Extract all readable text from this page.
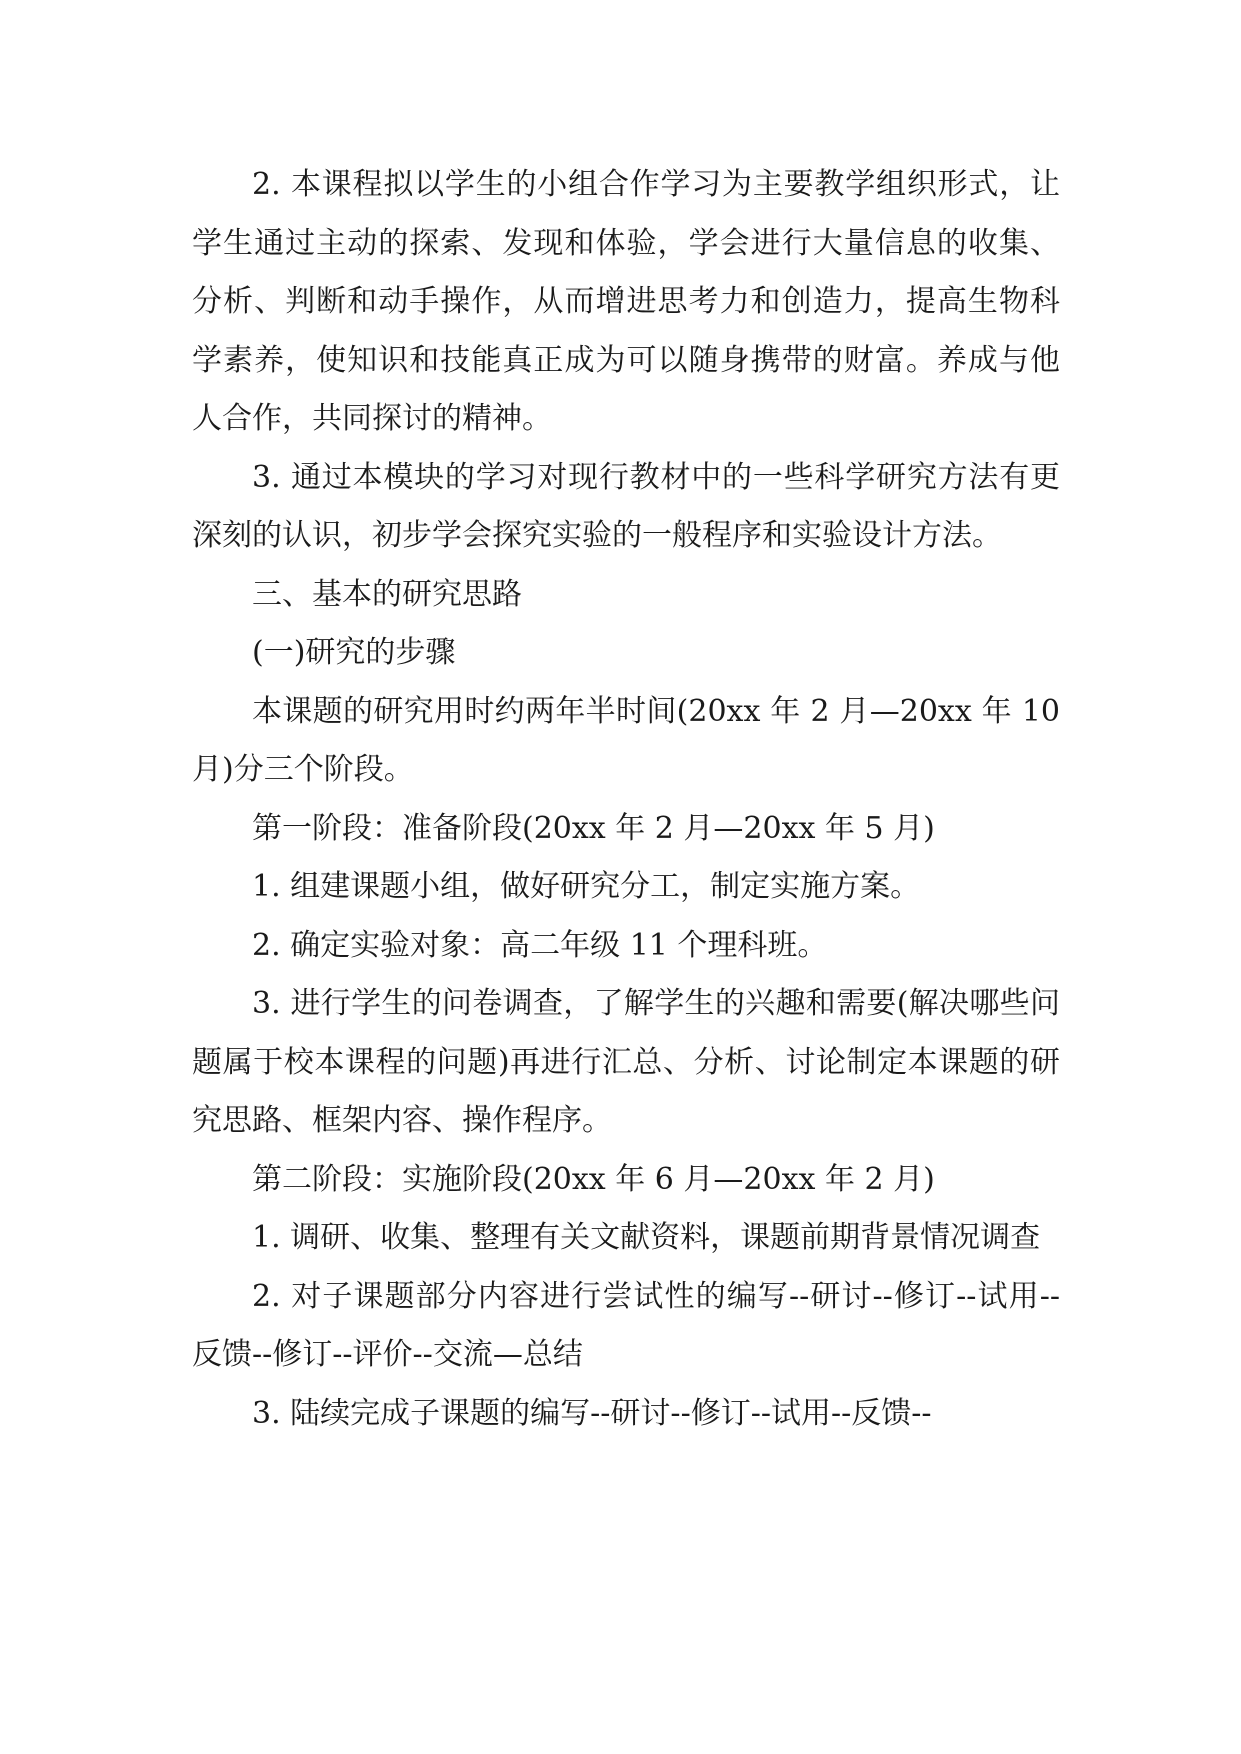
2. 本课程拟以学生的小组合作学习为主要教学组织形式，让学生通过主动的探索、发现和体验，学会进行大量信息的收集、分析、判断和动手操作，从而增进思考力和创造力，提高生物科学素养，使知识和技能真正成为可以随身携带的财富。养成与他人合作，共同探讨的精神。

3. 通过本模块的学习对现行教材中的一些科学研究方法有更深刻的认识，初步学会探究实验的一般程序和实验设计方法。

三、基本的研究思路

(一)研究的步骤

本课题的研究用时约两年半时间(20xx 年 2 月—20xx 年 10 月)分三个阶段。

第一阶段：准备阶段(20xx 年 2 月—20xx 年 5 月)

1. 组建课题小组，做好研究分工，制定实施方案。

2. 确定实验对象：高二年级 11 个理科班。

3. 进行学生的问卷调查，了解学生的兴趣和需要(解决哪些问题属于校本课程的问题)再进行汇总、分析、讨论制定本课题的研究思路、框架内容、操作程序。

第二阶段：实施阶段(20xx 年 6 月—20xx 年 2 月)

1. 调研、收集、整理有关文献资料，课题前期背景情况调查

2. 对子课题部分内容进行尝试性的编写--研讨--修订--试用--反馈--修订--评价--交流—总结

3. 陆续完成子课题的编写--研讨--修订--试用--反馈--
